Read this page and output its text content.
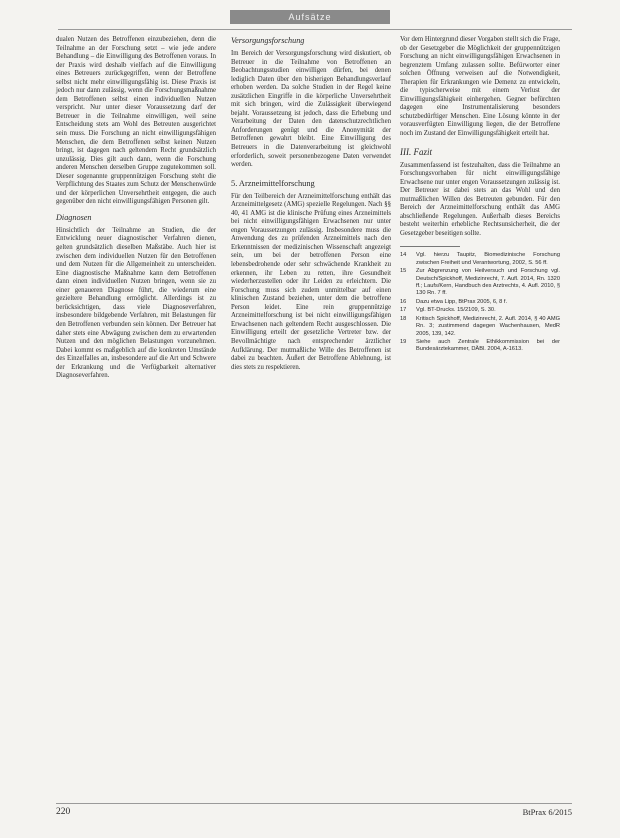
Aufsätze

dualen Nutzen des Betroffenen einzubeziehen, denn die Teilnahme an der Forschung setzt – wie jede andere Behandlung – die Einwilligung des Betroffenen voraus. In der Praxis wird deshalb vielfach auf die Einwilligung eines Betreuers zurückgegriffen, wenn der Betroffene selbst nicht mehr einwilligungsfähig ist. Diese Praxis ist jedoch nur dann zulässig, wenn die Forschungsmaßnahme dem Betroffenen selbst einen individuellen Nutzen verspricht. Nur unter dieser Voraussetzung darf der Betreuer in die Teilnahme einwilligen, weil seine Entscheidung stets am Wohl des Betreuten ausgerichtet sein muss. Die Forschung an nicht einwilligungsfähigen Menschen, die dem Betroffenen selbst keinen Nutzen bringt, ist dagegen nach geltendem Recht grundsätzlich unzulässig. Dies gilt auch dann, wenn die Forschung anderen Menschen derselben Gruppe zugutekommen soll. Dieser sogenannte gruppennützigen Forschung steht die Verpflichtung des Staates zum Schutz der Menschenwürde und der körperlichen Unversehrtheit entgegen, die auch gegenüber den nicht einwilligungsfähigen Personen gilt.

Diagnosen

Hinsichtlich der Teilnahme an Studien, die der Entwicklung neuer diagnostischer Verfahren dienen, gelten grundsätzlich dieselben Maßstäbe. Auch hier ist zwischen dem individuellen Nutzen für den Betroffenen und dem Nutzen für die Allgemeinheit zu unterscheiden. Eine diagnostische Maßnahme kann dem Betroffenen dann einen individuellen Nutzen bringen, wenn sie zu einer genaueren Diagnose führt, die wiederum eine gezieltere Behandlung ermöglicht. Allerdings ist zu berücksichtigen, dass viele Diagnoseverfahren, insbesondere bildgebende Verfahren, mit Belastungen für den Betroffenen verbunden sein können. Der Betreuer hat daher stets eine Abwägung zwischen dem zu erwartenden Nutzen und den möglichen Belastungen vorzunehmen. Dabei kommt es maßgeblich auf die konkreten Umstände des Einzelfalles an, insbesondere auf die Art und Schwere der Erkrankung und die Verfügbarkeit alternativer Diagnoseverfahren.

Versorgungsforschung

Im Bereich der Versorgungsforschung wird diskutiert, ob Betreuer in die Teilnahme von Betroffenen an Beobachtungsstudien einwilligen dürfen, bei denen lediglich Daten über den bisherigen Behandlungsverlauf erhoben werden. Da solche Studien in der Regel keine zusätzlichen Eingriffe in die körperliche Unversehrtheit mit sich bringen, wird die Zulässigkeit überwiegend bejaht. Voraussetzung ist jedoch, dass die Erhebung und Verarbeitung der Daten den datenschutzrechtlichen Anforderungen genügt und die Anonymität der Betroffenen gewahrt bleibt. Eine Einwilligung des Betreuers in die Datenverarbeitung ist gleichwohl erforderlich, soweit personenbezogene Daten verwendet werden.

5. Arzneimittelforschung

Für den Teilbereich der Arzneimittelforschung enthält das Arzneimittelgesetz (AMG) spezielle Regelungen. Nach §§ 40, 41 AMG ist die klinische Prüfung eines Arzneimittels bei nicht einwilligungsfähigen Erwachsenen nur unter engen Voraussetzungen zulässig. Insbesondere muss die Anwendung des zu prüfenden Arzneimittels nach den Erkenntnissen der medizinischen Wissenschaft angezeigt sein, um bei der betroffenen Person eine lebensbedrohende oder sehr schwächende Krankheit zu erkennen, ihr Leben zu retten, ihre Gesundheit wiederherzustellen oder ihr Leiden zu erleichtern. Die Forschung muss sich zudem unmittelbar auf einen klinischen Zustand beziehen, unter dem die betroffene Person leidet. Eine rein gruppennützige Arzneimittelforschung ist bei nicht einwilligungsfähigen Erwachsenen nach geltendem Recht ausgeschlossen. Die Einwilligung erteilt der gesetzliche Vertreter bzw. der Bevollmächtigte nach entsprechender ärztlicher Aufklärung. Der mutmaßliche Wille des Betroffenen ist dabei zu beachten. Äußert der Betroffene Ablehnung, ist dies stets zu respektieren.

Vor dem Hintergrund dieser Vorgaben stellt sich die Frage, ob der Gesetzgeber die Möglichkeit der gruppennützigen Forschung an nicht einwilligungsfähigen Erwachsenen in begrenztem Umfang zulassen sollte. Befürworter einer solchen Öffnung verweisen auf die Notwendigkeit, Therapien für Erkrankungen wie Demenz zu entwickeln, die typischerweise mit einem Verlust der Einwilligungsfähigkeit einhergehen. Gegner befürchten dagegen eine Instrumentalisierung besonders schutzbedürftiger Menschen. Eine Lösung könnte in der vorausverfügten Einwilligung liegen, die der Betroffene noch im Zustand der Einwilligungsfähigkeit erteilt hat.

III. Fazit

Zusammenfassend ist festzuhalten, dass die Teilnahme an Forschungsvorhaben für nicht einwilligungsfähige Erwachsene nur unter engen Voraussetzungen zulässig ist. Der Betreuer ist dabei stets an das Wohl und den mutmaßlichen Willen des Betreuten gebunden. Für den Bereich der Arzneimittelforschung enthält das AMG abschließende Regelungen. Außerhalb dieses Bereichs besteht weiterhin erhebliche Rechtsunsicherheit, die der Gesetzgeber beseitigen sollte.

14	Vgl. hierzu Taupitz, Biomedizinische Forschung zwischen Freiheit und Verantwortung, 2002, S. 56 ff.
15	Zur Abgrenzung von Heilversuch und Forschung vgl. Deutsch/Spickhoff, Medizinrecht, 7. Aufl. 2014, Rn. 1320 ff.; Laufs/Kern, Handbuch des Arztrechts, 4. Aufl. 2010, § 130 Rn. 7 ff.
16	Dazu etwa Lipp, BtPrax 2005, 6, 8 f.
17	Vgl. BT-Drucks. 15/2109, S. 30.
18	Kritisch Spickhoff, Medizinrecht, 2. Aufl. 2014, § 40 AMG Rn. 3; zustimmend dagegen Wachenhausen, MedR 2005, 139, 142.
19	Siehe auch Zentrale Ethikkommission bei der Bundesärztekammer, DÄBl. 2004, A-1613.
220	BtPrax 6/2015
